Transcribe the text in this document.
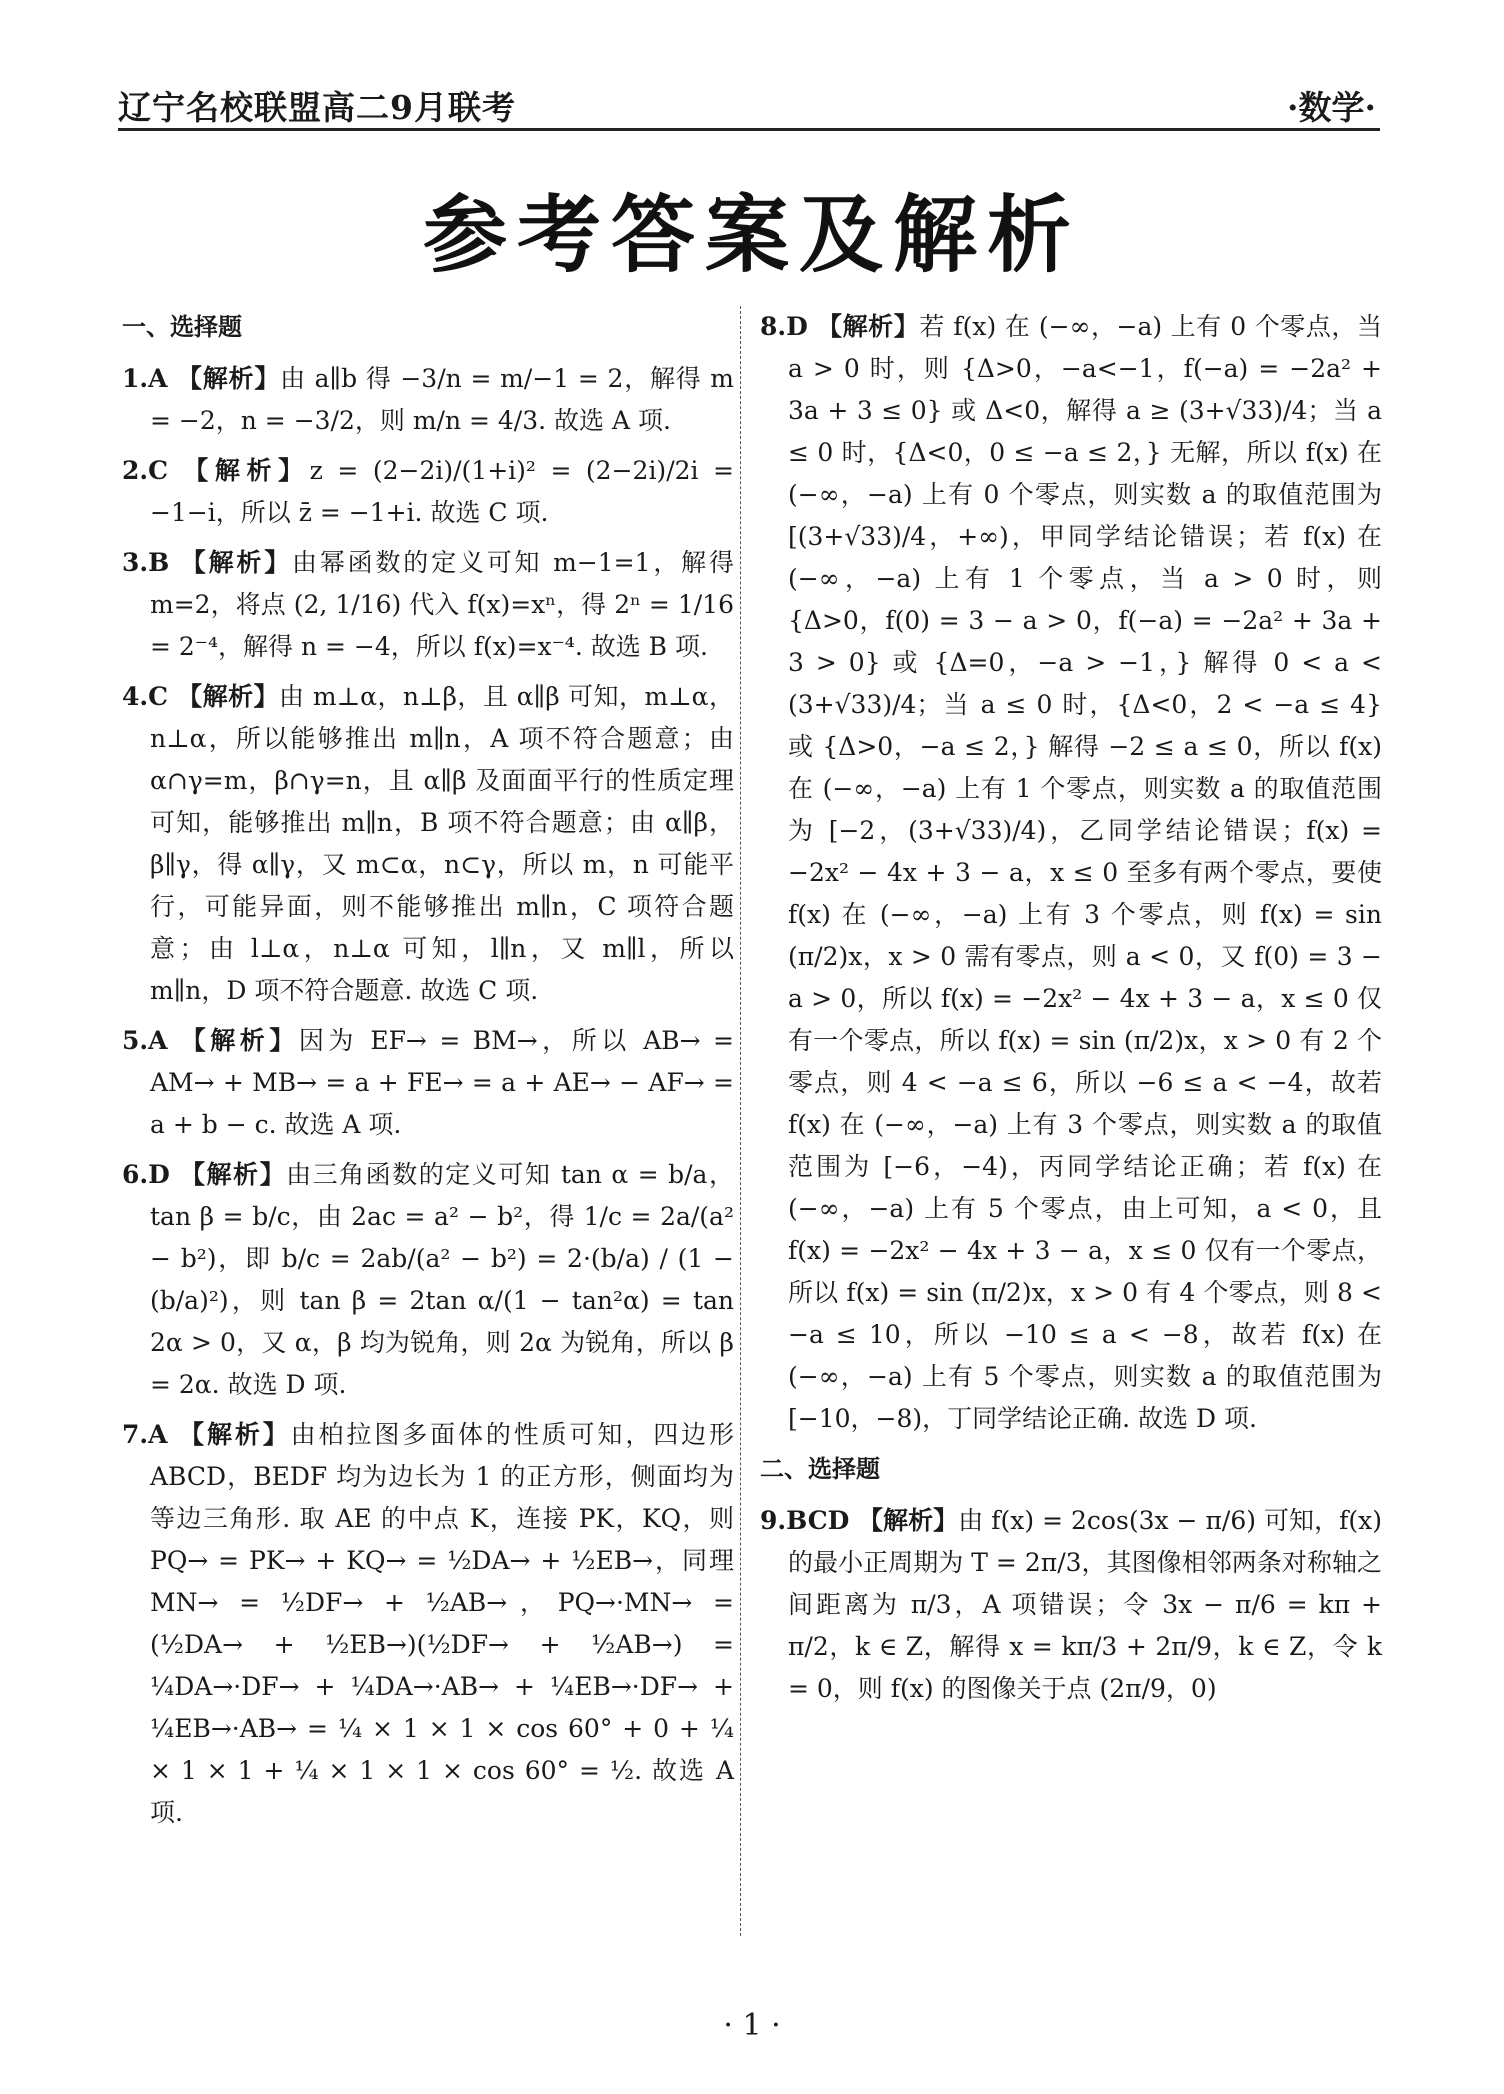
辽宁名校联盟高二9月联考	·数学·
参考答案及解析

一、选择题

1.A 【解析】由 a∥b 得 −3/n = m/−1 = 2，解得 m = −2，n = −3/2，则 m/n = 4/3. 故选 A 项.

2.C 【解析】z = (2−2i)/(1+i)² = (2−2i)/2i = −1−i，所以 z̄ = −1+i. 故选 C 项.

3.B 【解析】由幂函数的定义可知 m−1=1，解得 m=2，将点 (2, 1/16) 代入 f(x)=xⁿ，得 2ⁿ = 1/16 = 2⁻⁴，解得 n = −4，所以 f(x)=x⁻⁴. 故选 B 项.

4.C 【解析】由 m⊥α，n⊥β，且 α∥β 可知，m⊥α，n⊥α，所以能够推出 m∥n，A 项不符合题意；由 α∩γ=m，β∩γ=n，且 α∥β 及面面平行的性质定理可知，能够推出 m∥n，B 项不符合题意；由 α∥β，β∥γ，得 α∥γ，又 m⊂α，n⊂γ，所以 m，n 可能平行，可能异面，则不能够推出 m∥n，C 项符合题意；由 l⊥α，n⊥α 可知，l∥n，又 m∥l，所以 m∥n，D 项不符合题意. 故选 C 项.

5.A 【解析】因为 EF→ = BM→，所以 AB→ = AM→ + MB→ = a + FE→ = a + AE→ − AF→ = a + b − c. 故选 A 项.

6.D 【解析】由三角函数的定义可知 tan α = b/a，tan β = b/c，由 2ac = a² − b²，得 1/c = 2a/(a² − b²)，即 b/c = 2ab/(a² − b²) = 2·(b/a) / (1 − (b/a)²)，则 tan β = 2tan α/(1 − tan²α) = tan 2α > 0，又 α，β 均为锐角，则 2α 为锐角，所以 β = 2α. 故选 D 项.

7.A 【解析】由柏拉图多面体的性质可知，四边形 ABCD，BEDF 均为边长为 1 的正方形，侧面均为等边三角形. 取 AE 的中点 K，连接 PK，KQ，则 PQ→ = PK→ + KQ→ = ½DA→ + ½EB→，同理 MN→ = ½DF→ + ½AB→，PQ→·MN→ = (½DA→ + ½EB→)(½DF→ + ½AB→) = ¼DA→·DF→ + ¼DA→·AB→ + ¼EB→·DF→ + ¼EB→·AB→ = ¼ × 1 × 1 × cos 60° + 0 + ¼ × 1 × 1 + ¼ × 1 × 1 × cos 60° = ½. 故选 A 项.

8.D 【解析】若 f(x) 在 (−∞，−a) 上有 0 个零点，当 a > 0 时，则 {Δ>0，−a<−1，f(−a) = −2a² + 3a + 3 ≤ 0} 或 Δ<0，解得 a ≥ (3+√33)/4；当 a ≤ 0 时，{Δ<0，0 ≤ −a ≤ 2，} 无解，所以 f(x) 在 (−∞，−a) 上有 0 个零点，则实数 a 的取值范围为 [(3+√33)/4，+∞)，甲同学结论错误；若 f(x) 在 (−∞，−a) 上有 1 个零点，当 a > 0 时，则 {Δ>0，f(0) = 3 − a > 0，f(−a) = −2a² + 3a + 3 > 0} 或 {Δ=0，−a > −1，} 解得 0 < a < (3+√33)/4；当 a ≤ 0 时，{Δ<0，2 < −a ≤ 4} 或 {Δ>0，−a ≤ 2，} 解得 −2 ≤ a ≤ 0，所以 f(x) 在 (−∞，−a) 上有 1 个零点，则实数 a 的取值范围为 [−2，(3+√33)/4)，乙同学结论错误；f(x) = −2x² − 4x + 3 − a，x ≤ 0 至多有两个零点，要使 f(x) 在 (−∞，−a) 上有 3 个零点，则 f(x) = sin (π/2)x，x > 0 需有零点，则 a < 0，又 f(0) = 3 − a > 0，所以 f(x) = −2x² − 4x + 3 − a，x ≤ 0 仅有一个零点，所以 f(x) = sin (π/2)x，x > 0 有 2 个零点，则 4 < −a ≤ 6，所以 −6 ≤ a < −4，故若 f(x) 在 (−∞，−a) 上有 3 个零点，则实数 a 的取值范围为 [−6，−4)，丙同学结论正确；若 f(x) 在 (−∞，−a) 上有 5 个零点，由上可知，a < 0，且 f(x) = −2x² − 4x + 3 − a，x ≤ 0 仅有一个零点，所以 f(x) = sin (π/2)x，x > 0 有 4 个零点，则 8 < −a ≤ 10，所以 −10 ≤ a < −8，故若 f(x) 在 (−∞，−a) 上有 5 个零点，则实数 a 的取值范围为 [−10，−8)，丁同学结论正确. 故选 D 项.

二、选择题

9.BCD 【解析】由 f(x) = 2cos(3x − π/6) 可知，f(x) 的最小正周期为 T = 2π/3，其图像相邻两条对称轴之间距离为 π/3，A 项错误；令 3x − π/6 = kπ + π/2，k ∈ Z，解得 x = kπ/3 + 2π/9，k ∈ Z，令 k = 0，则 f(x) 的图像关于点 (2π/9，0)

· 1 ·
